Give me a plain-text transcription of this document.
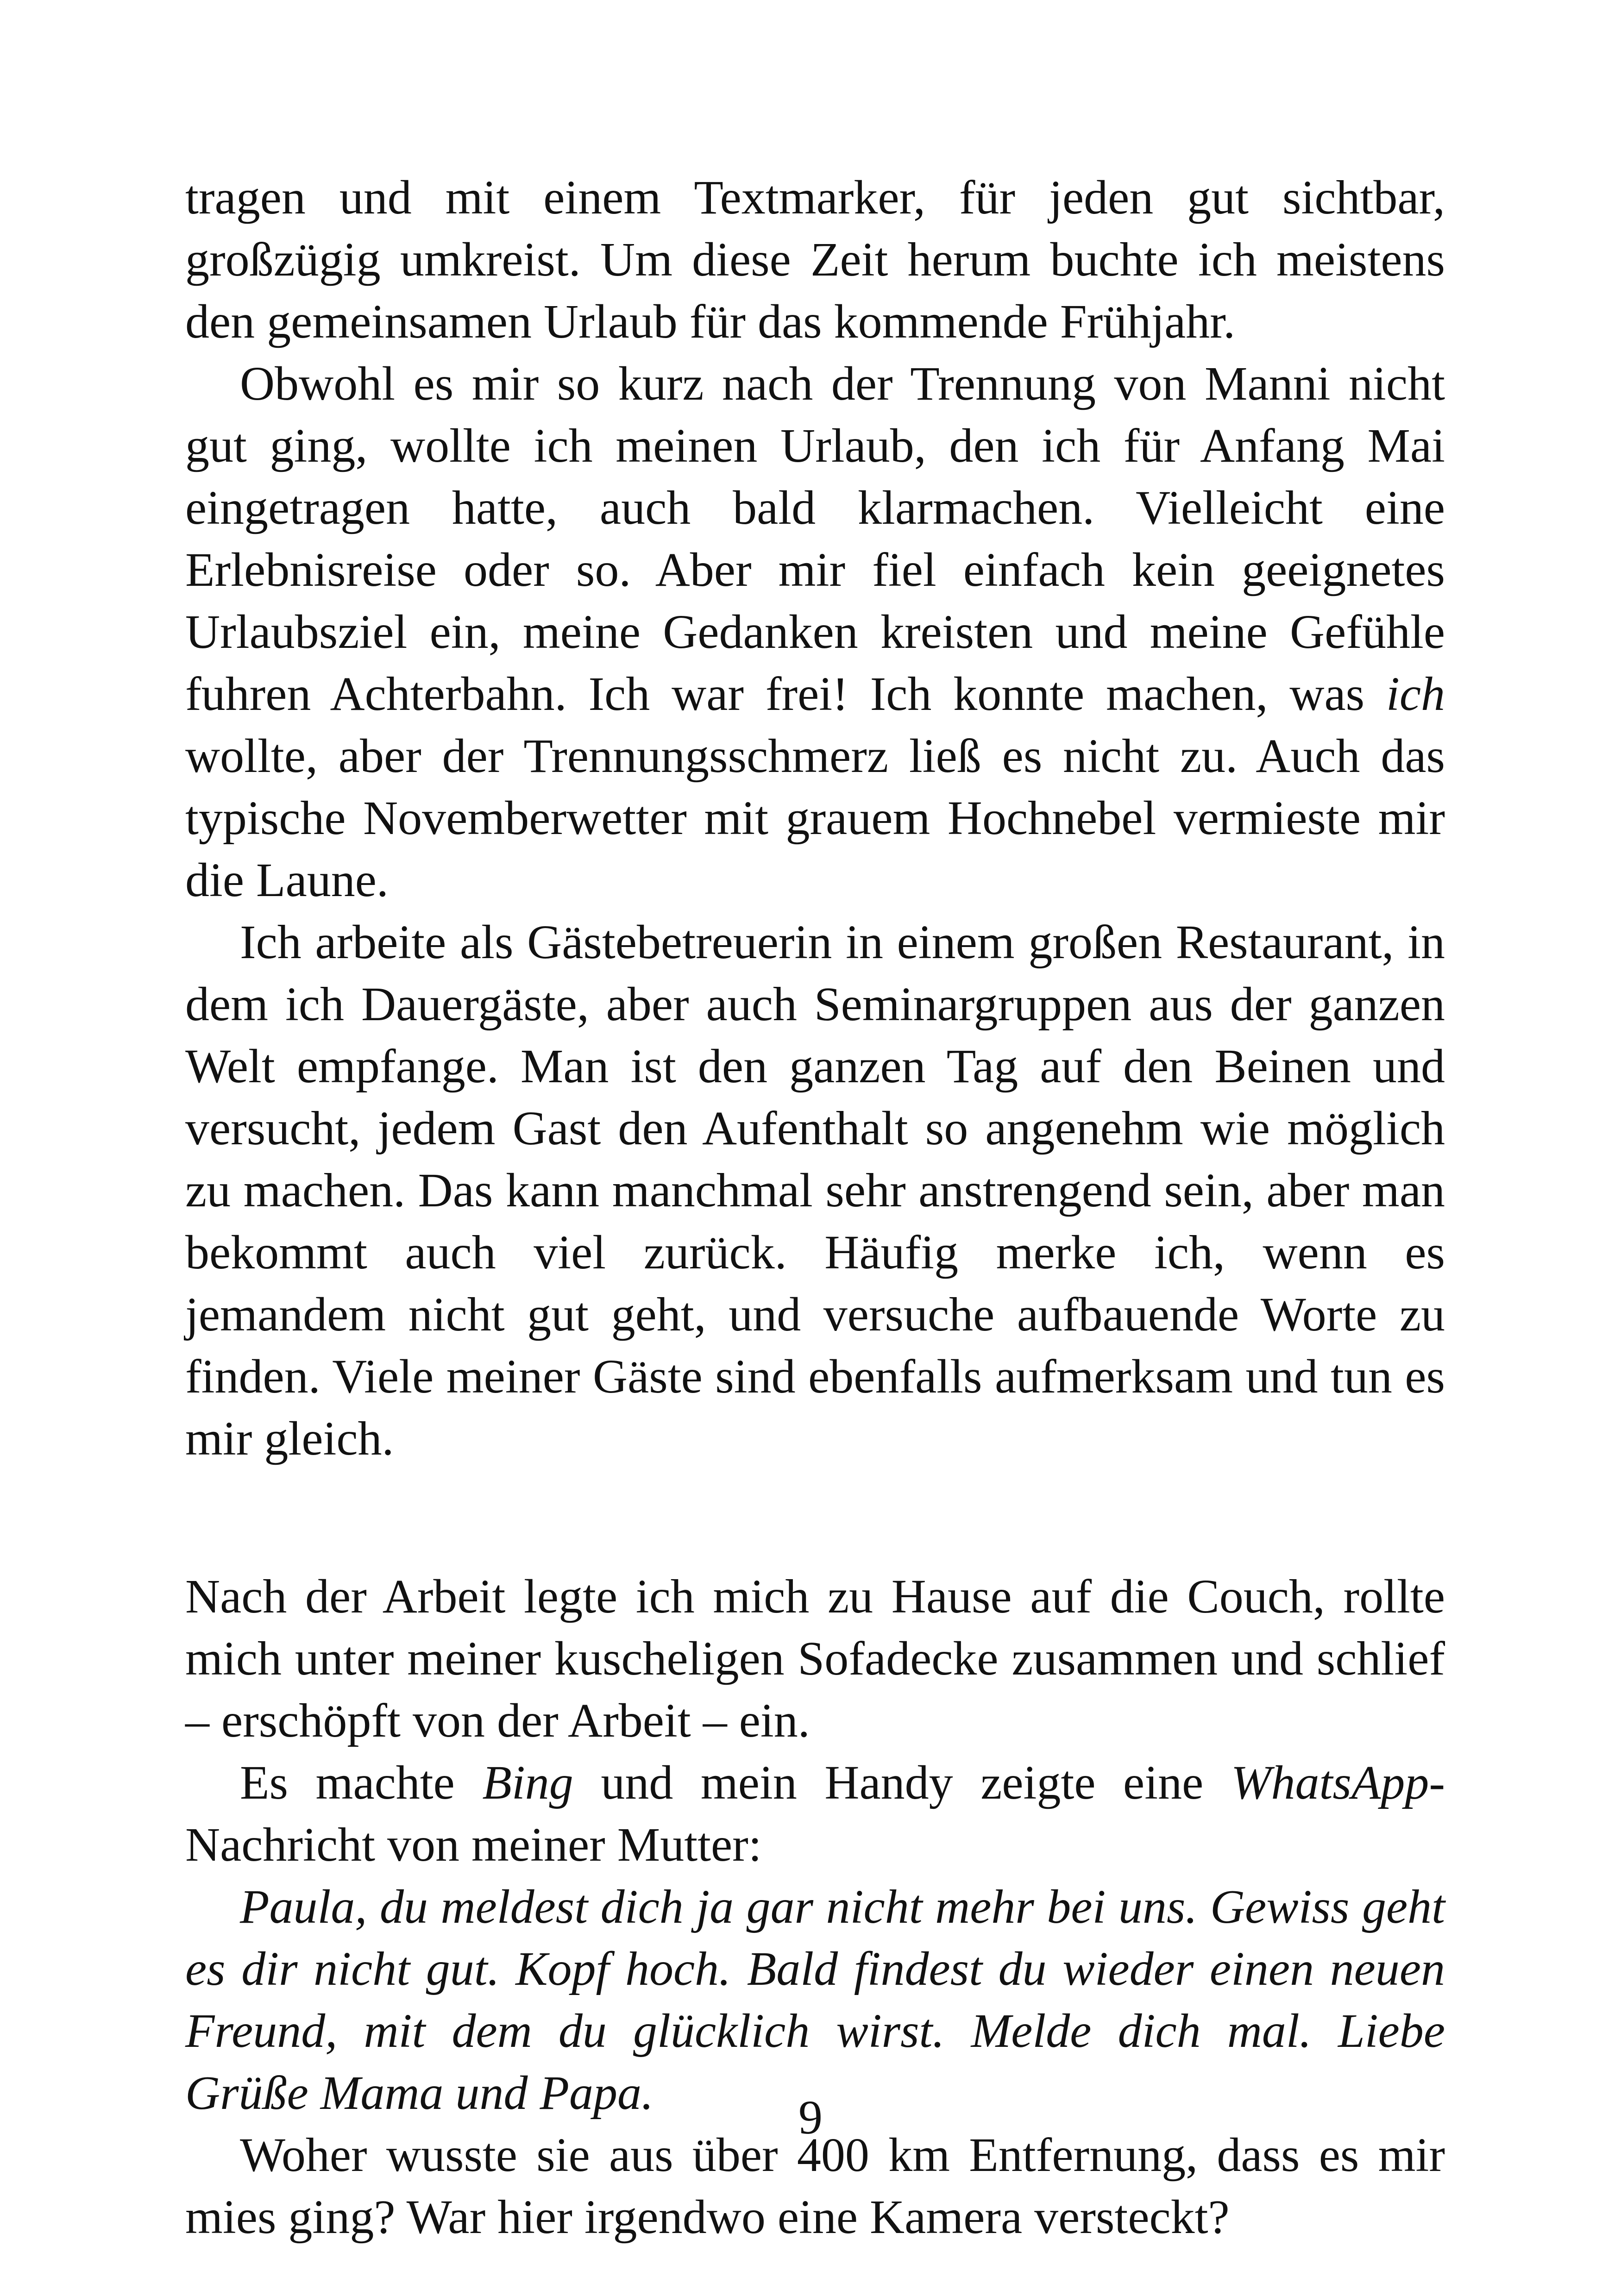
tragen und mit einem Textmarker, für jeden gut sichtbar, großzügig umkreist. Um diese Zeit herum buchte ich meistens den gemeinsamen Urlaub für das kommende Frühjahr.

Obwohl es mir so kurz nach der Trennung von Manni nicht gut ging, wollte ich meinen Urlaub, den ich für Anfang Mai eingetragen hatte, auch bald klarmachen. Vielleicht eine Erlebnisreise oder so. Aber mir fiel einfach kein geeignetes Urlaubsziel ein, meine Gedanken kreisten und meine Gefühle fuhren Achterbahn. Ich war frei! Ich konnte machen, was ich wollte, aber der Trennungsschmerz ließ es nicht zu. Auch das typische Novemberwetter mit grauem Hochnebel vermieste mir die Laune.

Ich arbeite als Gästebetreuerin in einem großen Restaurant, in dem ich Dauergäste, aber auch Seminargruppen aus der ganzen Welt empfange. Man ist den ganzen Tag auf den Beinen und versucht, jedem Gast den Aufenthalt so angenehm wie möglich zu machen. Das kann manchmal sehr anstrengend sein, aber man bekommt auch viel zurück. Häufig merke ich, wenn es jemandem nicht gut geht, und versuche aufbauende Worte zu finden. Viele meiner Gäste sind ebenfalls aufmerksam und tun es mir gleich.

Nach der Arbeit legte ich mich zu Hause auf die Couch, rollte mich unter meiner kuscheligen Sofadecke zusammen und schlief – erschöpft von der Arbeit – ein.

Es machte Bing und mein Handy zeigte eine WhatsApp-Nachricht von meiner Mutter:

Paula, du meldest dich ja gar nicht mehr bei uns. Gewiss geht es dir nicht gut. Kopf hoch. Bald findest du wieder einen neuen Freund, mit dem du glücklich wirst. Melde dich mal. Liebe Grüße Mama und Papa.

Woher wusste sie aus über 400 km Entfernung, dass es mir mies ging? War hier irgendwo eine Kamera versteckt?

9
